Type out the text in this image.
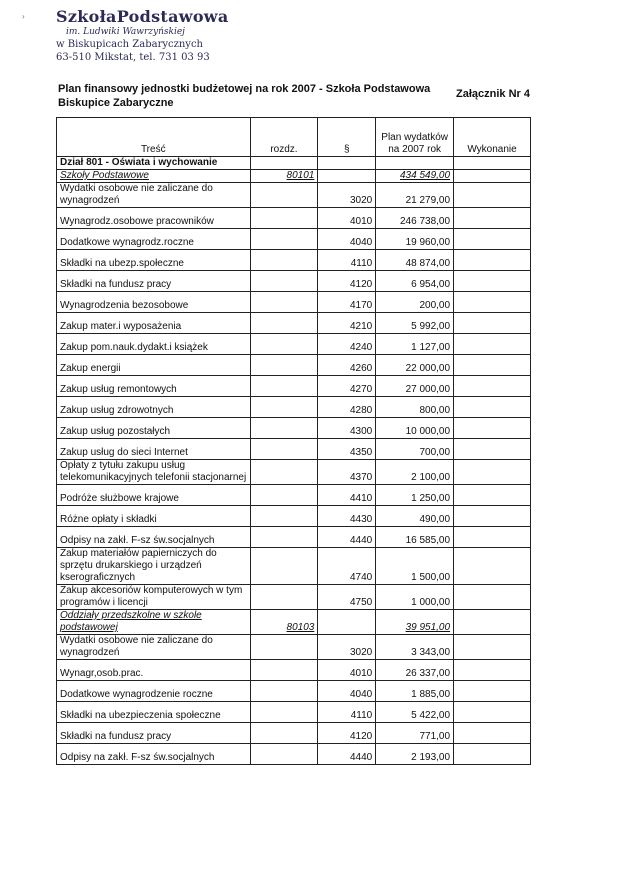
› SzkołaPodstawowa
im. Ludwiki Wawrzyńskiej
w Biskupicach Zabarycznych
63-510 Mikstat, tel. 731 03 93
Plan finansowy jednostki budżetowej na rok 2007 - Szkoła Podstawowa
Biskupice Zabaryczne
Załącznik Nr 4
Treść	rozdz.	§	Plan wydatków na 2007 rok	Wykonanie
Dział 801 - Oświata i wychowanie				
Szkoły Podstawowe	80101		434 549,00	
Wydatki osobowe nie zaliczane do wynagrodzeń		3020	21 279,00	
Wynagrodz.osobowe pracowników		4010	246 738,00	
Dodatkowe wynagrodz.roczne		4040	19 960,00	
Składki na ubezp.społeczne		4110	48 874,00	
Składki na fundusz pracy		4120	6 954,00	
Wynagrodzenia bezosobowe		4170	200,00	
Zakup mater.i wyposażenia		4210	5 992,00	
Zakup pom.nauk.dydakt.i książek		4240	1 127,00	
Zakup energii		4260	22 000,00	
Zakup usług remontowych		4270	27 000,00	
Zakup usług zdrowotnych		4280	800,00	
Zakup usług pozostałych		4300	10 000,00	
Zakup usług do sieci Internet		4350	700,00	
Opłaty z tytułu zakupu usług telekomunikacyjnych telefonii stacjonarnej		4370	2 100,00	
Podróże służbowe krajowe		4410	1 250,00	
Różne opłaty i składki		4430	490,00	
Odpisy na zakł. F-sz św.socjalnych		4440	16 585,00	
Zakup materiałów papierniczych do sprzętu drukarskiego i urządzeń kserograficznych		4740	1 500,00	
Zakup akcesoriów komputerowych w tym programów i licencji		4750	1 000,00	
Oddziały przedszkolne w szkole podstawowej	80103		39 951,00	
Wydatki osobowe nie zaliczane do wynagrodzeń		3020	3 343,00	
Wynagr,osob.prac.		4010	26 337,00	
Dodatkowe wynagrodzenie roczne		4040	1 885,00	
Składki na ubezpieczenia społeczne		4110	5 422,00	
Składki na fundusz pracy		4120	771,00	
Odpisy na zakł. F-sz św.socjalnych		4440	2 193,00	
